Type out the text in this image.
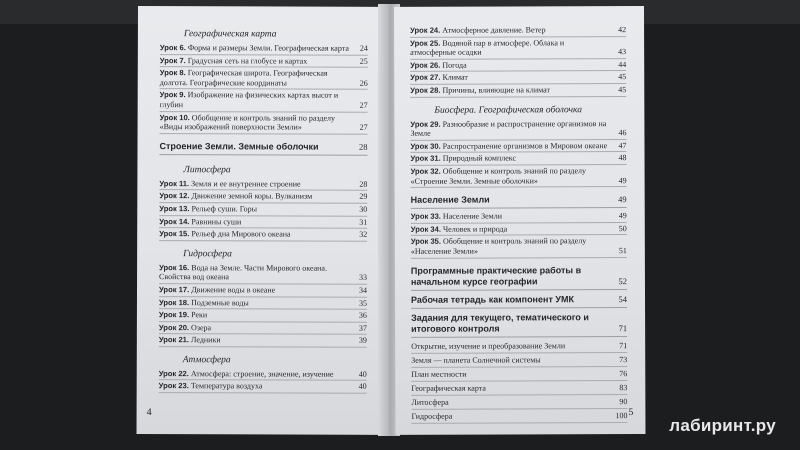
Географическая карта
Урок 6. Форма и размеры Земли. Географическая карта	24
Урок 7. Градусная сеть на глобусе и картах	25
Урок 8. Географическая широта. Географическая долгота. Географические координаты	26
Урок 9. Изображение на физических картах высот и глубин	27
Урок 10. Обобщение и контроль знаний по разделу «Виды изображений поверхности Земли»	27
Строение Земли. Земные оболочки	28
Литосфера
Урок 11. Земля и ее внутреннее строение	28
Урок 12. Движение земной коры. Вулканизм	29
Урок 13. Рельеф суши. Горы	30
Урок 14. Равнины суши	31
Урок 15. Рельеф дна Мирового океана	32
Гидросфера
Урок 16. Вода на Земле. Части Мирового океана. Свойства вод океана	33
Урок 17. Движение воды в океане	34
Урок 18. Подземные воды	35
Урок 19. Реки	36
Урок 20. Озера	37
Урок 21. Ледники	39
Атмосфера
Урок 22. Атмосфера: строение, значение, изучение	40
Урок 23. Температура воздуха	40
4
Урок 24. Атмосферное давление. Ветер	42
Урок 25. Водяной пар в атмосфере. Облака и атмосферные осадки	43
Урок 26. Погода	44
Урок 27. Климат	45
Урок 28. Причины, влияющие на климат	45
Биосфера. Географическая оболочка
Урок 29. Разнообразие и распространение организмов на Земле	46
Урок 30. Распространение организмов в Мировом океане	47
Урок 31. Природный комплекс	48
Урок 32. Обобщение и контроль знаний по разделу «Строение Земли. Земные оболочки»	49
Население Земли	49
Урок 33. Население Земли	49
Урок 34. Человек и природа	50
Урок 35. Обобщение и контроль знаний по разделу «Население Земли»	51
Программные практические работы в начальном курсе географии	52
Рабочая тетрадь как компонент УМК	54
Задания для текущего, тематического и итогового контроля	71
Открытие, изучение и преобразование Земли	71
Земля — планета Солнечной системы	73
План местности	76
Географическая карта	83
Литосфера	90
Гидросфера	100 5
лабиринт.ру
